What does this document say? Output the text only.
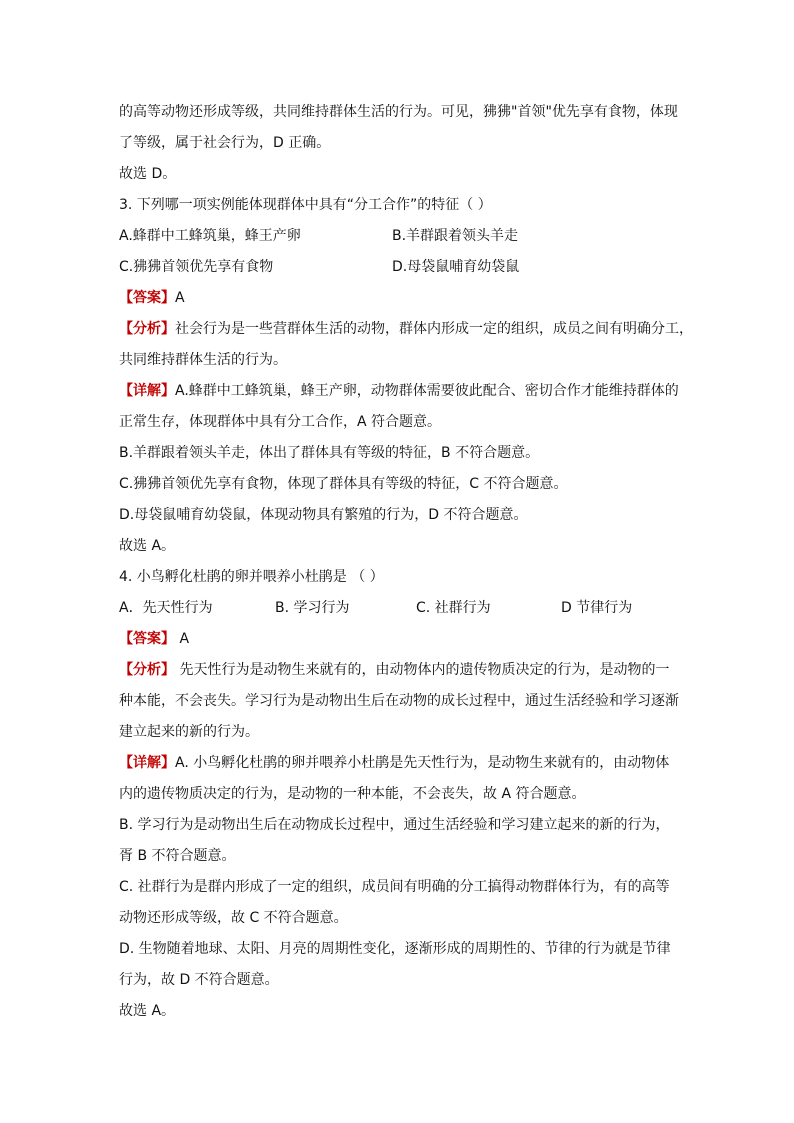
的高等动物还形成等级，共同维持群体生活的行为。可见，狒狒"首领"优先享有食物，体现
了等级，属于社会行为，D 正确。
故选 D。
3. 下列哪一项实例能体现群体中具有“分工合作”的特征（ ）
A.蜂群中工蜂筑巢，蜂王产卵	B.羊群跟着领头羊走
C.狒狒首领优先享有食物	D.母袋鼠哺育幼袋鼠
【答案】A
【分析】社会行为是一些营群体生活的动物，群体内形成一定的组织，成员之间有明确分工，
共同维持群体生活的行为。
【详解】A.蜂群中工蜂筑巢，蜂王产卵，动物群体需要彼此配合、密切合作才能维持群体的
正常生存，体现群体中具有分工合作，A 符合题意。
B.羊群跟着领头羊走，体出了群体具有等级的特征，B 不符合题意。
C.狒狒首领优先享有食物，体现了群体具有等级的特征，C 不符合题意。
D.母袋鼠哺育幼袋鼠，体现动物具有繁殖的行为，D 不符合题意。
故选 A。
4. 小鸟孵化杜鹃的卵并喂养小杜鹃是 （ ）
A．先天性行为	B. 学习行为	C. 社群行为	D 节律行为
【答案】 A
【分析】 先天性行为是动物生来就有的，由动物体内的遗传物质决定的行为，是动物的一
种本能，不会丧失。学习行为是动物出生后在动物的成长过程中，通过生活经验和学习逐渐
建立起来的新的行为。
【详解】A. 小鸟孵化杜鹃的卵并喂养小杜鹃是先天性行为，是动物生来就有的，由动物体
内的遗传物质决定的行为，是动物的一种本能，不会丧失，故 A 符合题意。
B. 学习行为是动物出生后在动物成长过程中，通过生活经验和学习建立起来的新的行为，
胥 B 不符合题意。
C. 社群行为是群内形成了一定的组织，成员间有明确的分工搞得动物群体行为，有的高等
动物还形成等级，故 C 不符合题意。
D. 生物随着地球、太阳、月亮的周期性变化，逐渐形成的周期性的、节律的行为就是节律
行为，故 D 不符合题意。
故选 A。
